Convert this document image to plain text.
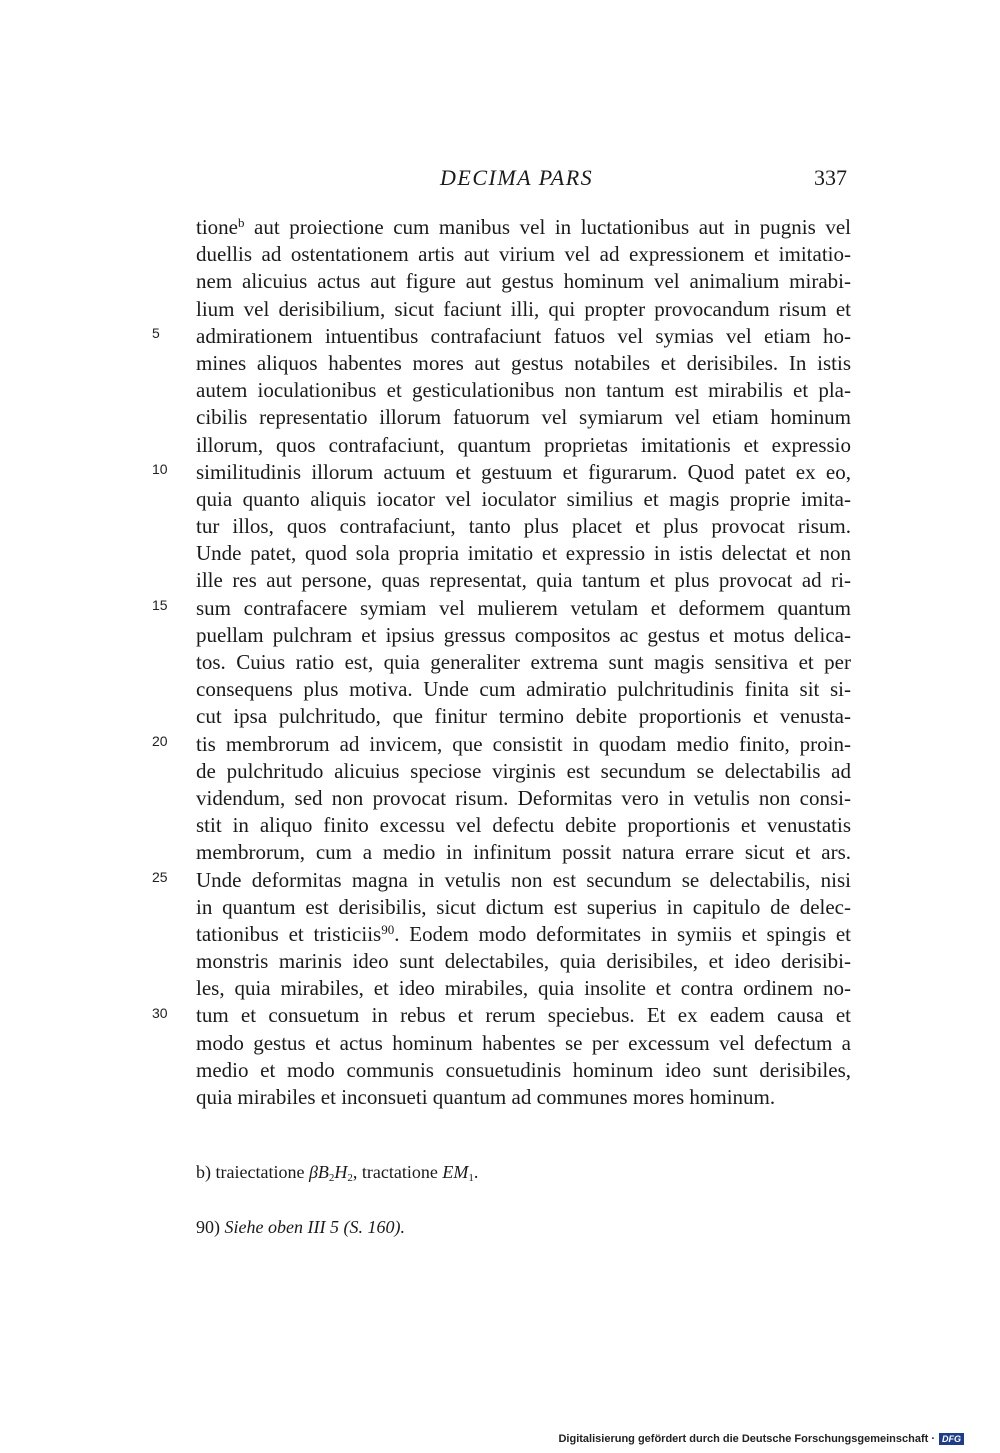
DECIMA PARS	337
5
10
15
20
25
30
tione$^b$ aut proiectione cum manibus vel in luctationibus aut in pugnis vel
duellis ad ostentationem artis aut virium vel ad expressionem et imitatio-
nem alicuius actus aut figure aut gestus hominum vel animalium mirabi-
lium vel derisibilium, sicut faciunt illi, qui propter provocandum risum et
admirationem intuentibus contrafaciunt fatuos vel symias vel etiam ho-
mines aliquos habentes mores aut gestus notabiles et derisibiles. In istis
autem ioculationibus et gesticulationibus non tantum est mirabilis et pla-
cibilis representatio illorum fatuorum vel symiarum vel etiam hominum
illorum, quos contrafaciunt, quantum proprietas imitationis et expressio
similitudinis illorum actuum et gestuum et figurarum. Quod patet ex eo,
quia quanto aliquis iocator vel ioculator similius et magis proprie imita-
tur illos, quos contrafaciunt, tanto plus placet et plus provocat risum.
Unde patet, quod sola propria imitatio et expressio in istis delectat et non
ille res aut persone, quas representat, quia tantum et plus provocat ad ri-
sum contrafacere symiam vel mulierem vetulam et deformem quantum
puellam pulchram et ipsius gressus compositos ac gestus et motus delica-
tos. Cuius ratio est, quia generaliter extrema sunt magis sensitiva et per
consequens plus motiva. Unde cum admiratio pulchritudinis finita sit si-
cut ipsa pulchritudo, que finitur termino debite proportionis et venusta-
tis membrorum ad invicem, que consistit in quodam medio finito, proin-
de pulchritudo alicuius speciose virginis est secundum se delectabilis ad
videndum, sed non provocat risum. Deformitas vero in vetulis non consi-
stit in aliquo finito excessu vel defectu debite proportionis et venustatis
membrorum, cum a medio in infinitum possit natura errare sicut et ars.
Unde deformitas magna in vetulis non est secundum se delectabilis, nisi
in quantum est derisibilis, sicut dictum est superius in capitulo de delec-
tationibus et tristiciis$^{90}$. Eodem modo deformitates in symiis et spingis et
monstris marinis ideo sunt delectabiles, quia derisibiles, et ideo derisibi-
les, quia mirabiles, et ideo mirabiles, quia insolite et contra ordinem no-
tum et consuetum in rebus et rerum speciebus. Et ex eadem causa et
modo gestus et actus hominum habentes se per excessum vel defectum a
medio et modo communis consuetudinis hominum ideo sunt derisibiles,
quia mirabiles et inconsueti quantum ad communes mores hominum.
b) traiectatione $\beta B_2H_2$, tractatione $EM_1$.
90) Siehe oben III 5 (S. 160).
Digitalisierung gefördert durch die Deutsche Forschungsgemeinschaft · DFG
